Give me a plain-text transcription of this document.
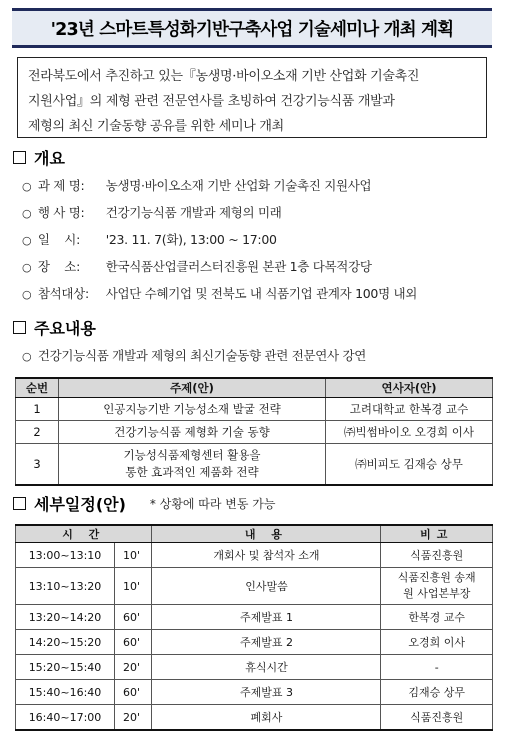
'23년 스마트특성화기반구축사업 기술세미나 개최 계획
전라북도에서 추진하고 있는『농생명·바이오소재 기반 산업화 기술촉진
지원사업』의 제형 관련 전문연사를 초빙하여 건강기능식품 개발과
제형의 최신 기술동향 공유를 위한 세미나 개최
개요
○ 과 제 명: 농생명·바이오소재 기반 산업화 기술촉진 지원사업
○ 행 사 명: 건강기능식품 개발과 제형의 미래
○ 일    시: '23. 11. 7(화), 13:00 ~ 17:00
○ 장    소: 한국식품산업클러스터진흥원 본관 1층 다목적강당
○ 참석대상: 사업단 수혜기업 및 전북도 내 식품기업 관계자 100명 내외
주요내용
○ 건강기능식품 개발과 제형의 최신기술동향 관련 전문연사 강연
순번	주제(안)	연사자(안)
1	인공지능기반 기능성소재 발굴 전략	고려대학교 한복경 교수
2	건강기능식품 제형화 기술 동향	㈜빅썸바이오 오경희 이사
3	기능성식품제형센터 활용을 통한 효과적인 제품화 전략	㈜비피도 김재승 상무
세부일정(안) * 상황에 따라 변동 가능
시 간		내 용	비고
13:00~13:10	10'	개회사 및 참석자 소개	식품진흥원
13:10~13:20	10'	인사말씀	식품진흥원 송재원 사업본부장
13:20~14:20	60'	주제발표 1	한복경 교수
14:20~15:20	60'	주제발표 2	오경희 이사
15:20~15:40	20'	휴식시간	-
15:40~16:40	60'	주제발표 3	김재승 상무
16:40~17:00	20'	폐회사	식품진흥원
